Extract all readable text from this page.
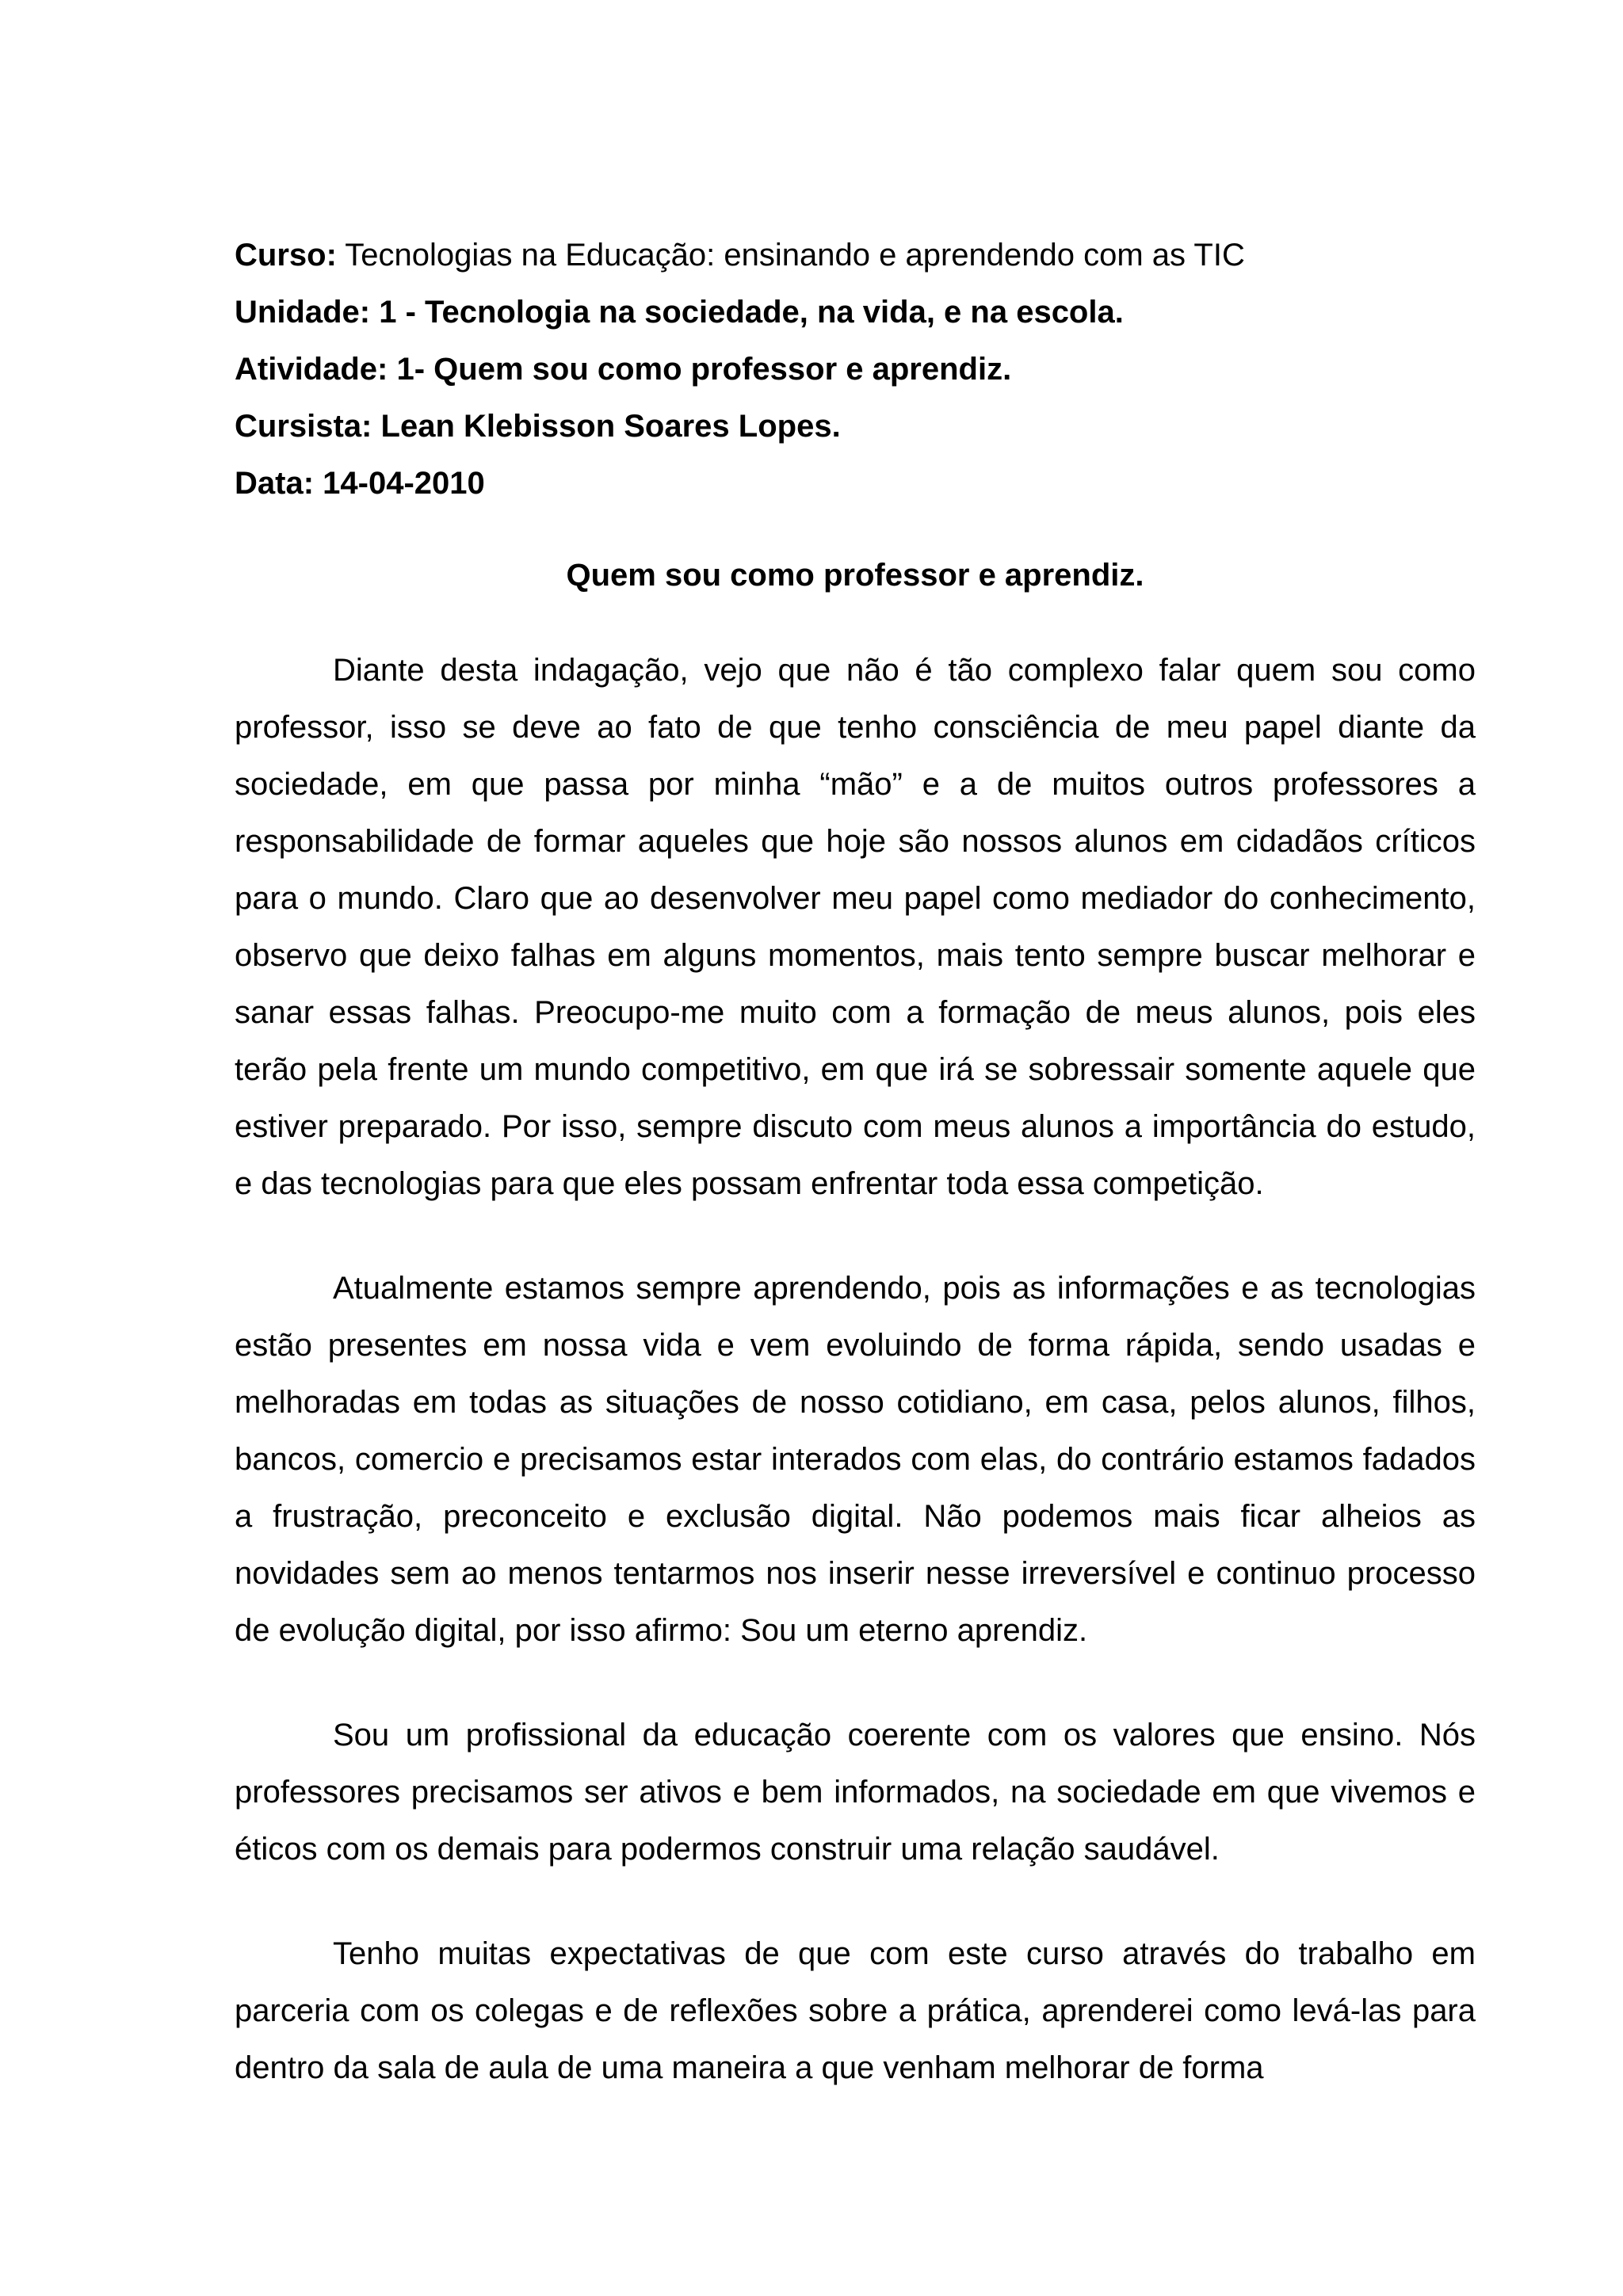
Curso: Tecnologias na Educação: ensinando e aprendendo com as TIC

Unidade: 1 - Tecnologia na sociedade, na vida, e na escola.

Atividade: 1- Quem sou como professor e aprendiz.

Cursista: Lean Klebisson Soares Lopes.

Data: 14-04-2010

Quem sou como professor e aprendiz.

Diante desta indagação, vejo que não é tão complexo falar quem sou como professor, isso se deve ao fato de que tenho consciência de meu papel diante da sociedade, em que passa por minha “mão” e a de muitos outros professores a responsabilidade de formar aqueles que hoje são nossos alunos em cidadãos críticos para o mundo. Claro que ao desenvolver meu papel como mediador do conhecimento, observo que deixo falhas em alguns momentos, mais tento sempre buscar melhorar e sanar essas falhas. Preocupo-me muito com a formação de meus alunos, pois eles terão pela frente um mundo competitivo, em que irá se sobressair somente aquele que estiver preparado. Por isso, sempre discuto com meus alunos a importância do estudo, e das tecnologias para que eles possam enfrentar toda essa competição.

Atualmente estamos sempre aprendendo, pois as informações e as tecnologias estão presentes em nossa vida e vem evoluindo de forma rápida, sendo usadas e melhoradas em todas as situações de nosso cotidiano, em casa, pelos alunos, filhos, bancos, comercio e precisamos estar interados com elas, do contrário estamos fadados a frustração, preconceito e exclusão digital. Não podemos mais ficar alheios as novidades sem ao menos tentarmos nos inserir nesse irreversível e continuo processo de evolução digital, por isso afirmo: Sou um eterno aprendiz.

Sou um profissional da educação coerente com os valores que ensino. Nós professores precisamos ser ativos e bem informados, na sociedade em que vivemos e éticos com os demais para podermos construir uma relação saudável.

Tenho muitas expectativas de que com este curso através do trabalho em parceria com os colegas e de reflexões sobre a prática, aprenderei como levá-las para dentro da sala de aula de uma maneira a que venham melhorar de forma
